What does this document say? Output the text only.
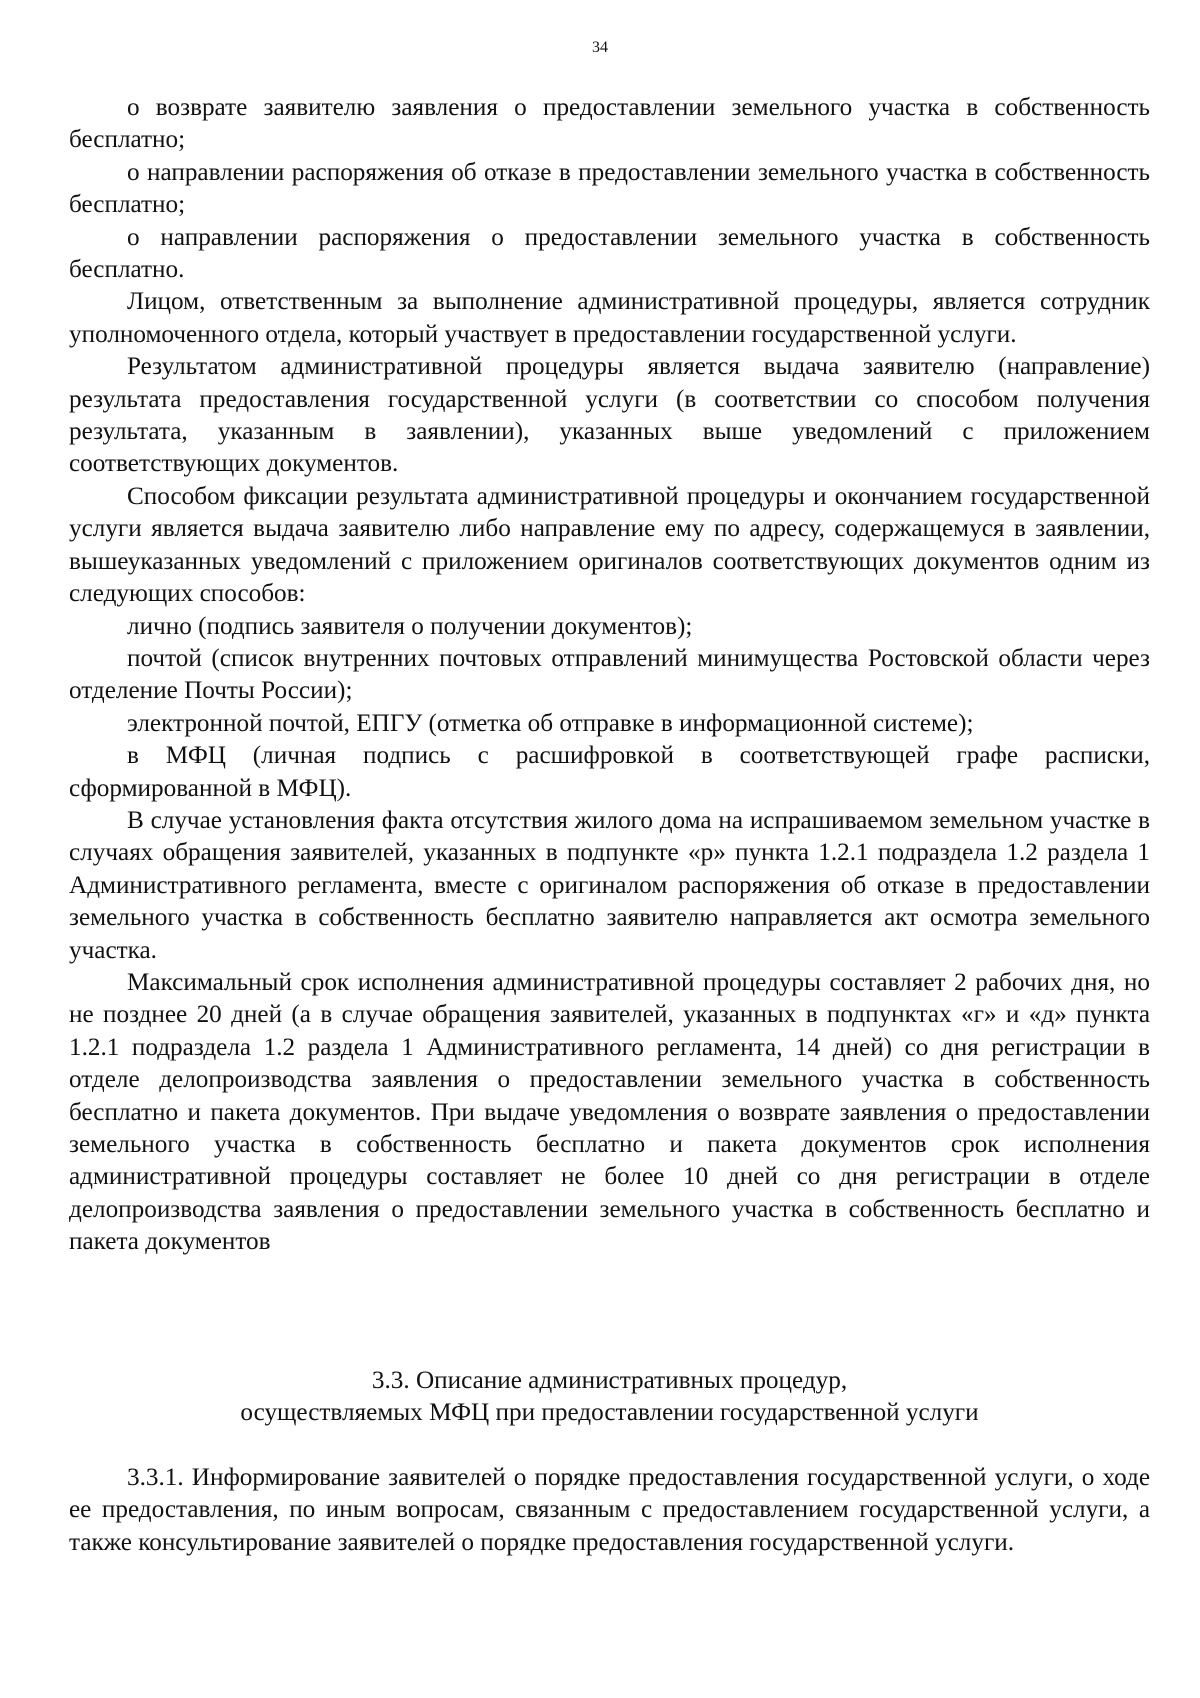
34

о возврате заявителю заявления о предоставлении земельного участка в собственность бесплатно;

о направлении распоряжения об отказе в предоставлении земельного участка в собственность бесплатно;

о направлении распоряжения о предоставлении земельного участка в собственность бесплатно.

Лицом, ответственным за выполнение административной процедуры, является сотрудник уполномоченного отдела, который участвует в предоставлении государственной услуги.

Результатом административной процедуры является выдача заявителю (направление) результата предоставления государственной услуги (в соответствии со способом получения результата, указанным в заявлении), указанных выше уведомлений с приложением соответствующих документов.

Способом фиксации результата административной процедуры и окончанием государственной услуги является выдача заявителю либо направление ему по адресу, содержащемуся в заявлении, вышеуказанных уведомлений с приложением оригиналов соответствующих документов одним из следующих способов:

лично (подпись заявителя о получении документов);

почтой (список внутренних почтовых отправлений минимущества Ростовской области через отделение Почты России);

электронной почтой, ЕПГУ (отметка об отправке в информационной системе);

в МФЦ (личная подпись с расшифровкой в соответствующей графе расписки, сформированной в МФЦ).

В случае установления факта отсутствия жилого дома на испрашиваемом земельном участке в случаях обращения заявителей, указанных в подпункте «р» пункта 1.2.1 подраздела 1.2 раздела 1 Административного регламента, вместе с оригиналом распоряжения об отказе в предоставлении земельного участка в собственность бесплатно заявителю направляется акт осмотра земельного участка.

Максимальный срок исполнения административной процедуры составляет 2 рабочих дня, но не позднее 20 дней (а в случае обращения заявителей, указанных в подпунктах «г» и «д» пункта 1.2.1 подраздела 1.2 раздела 1 Административного регламента, 14 дней) со дня регистрации в отделе делопроизводства заявления о предоставлении земельного участка в собственность бесплатно и пакета документов. При выдаче уведомления о возврате заявления о предоставлении земельного участка в собственность бесплатно и пакета документов срок исполнения административной процедуры составляет не более 10 дней со дня регистрации в отделе делопроизводства заявления о предоставлении земельного участка в собственность бесплатно и пакета документов

3.3. Описание административных процедур,
осуществляемых МФЦ при предоставлении государственной услуги

3.3.1. Информирование заявителей о порядке предоставления государственной услуги, о ходе ее предоставления, по иным вопросам, связанным с предоставлением государственной услуги, а также консультирование заявителей о порядке предоставления государственной услуги.
